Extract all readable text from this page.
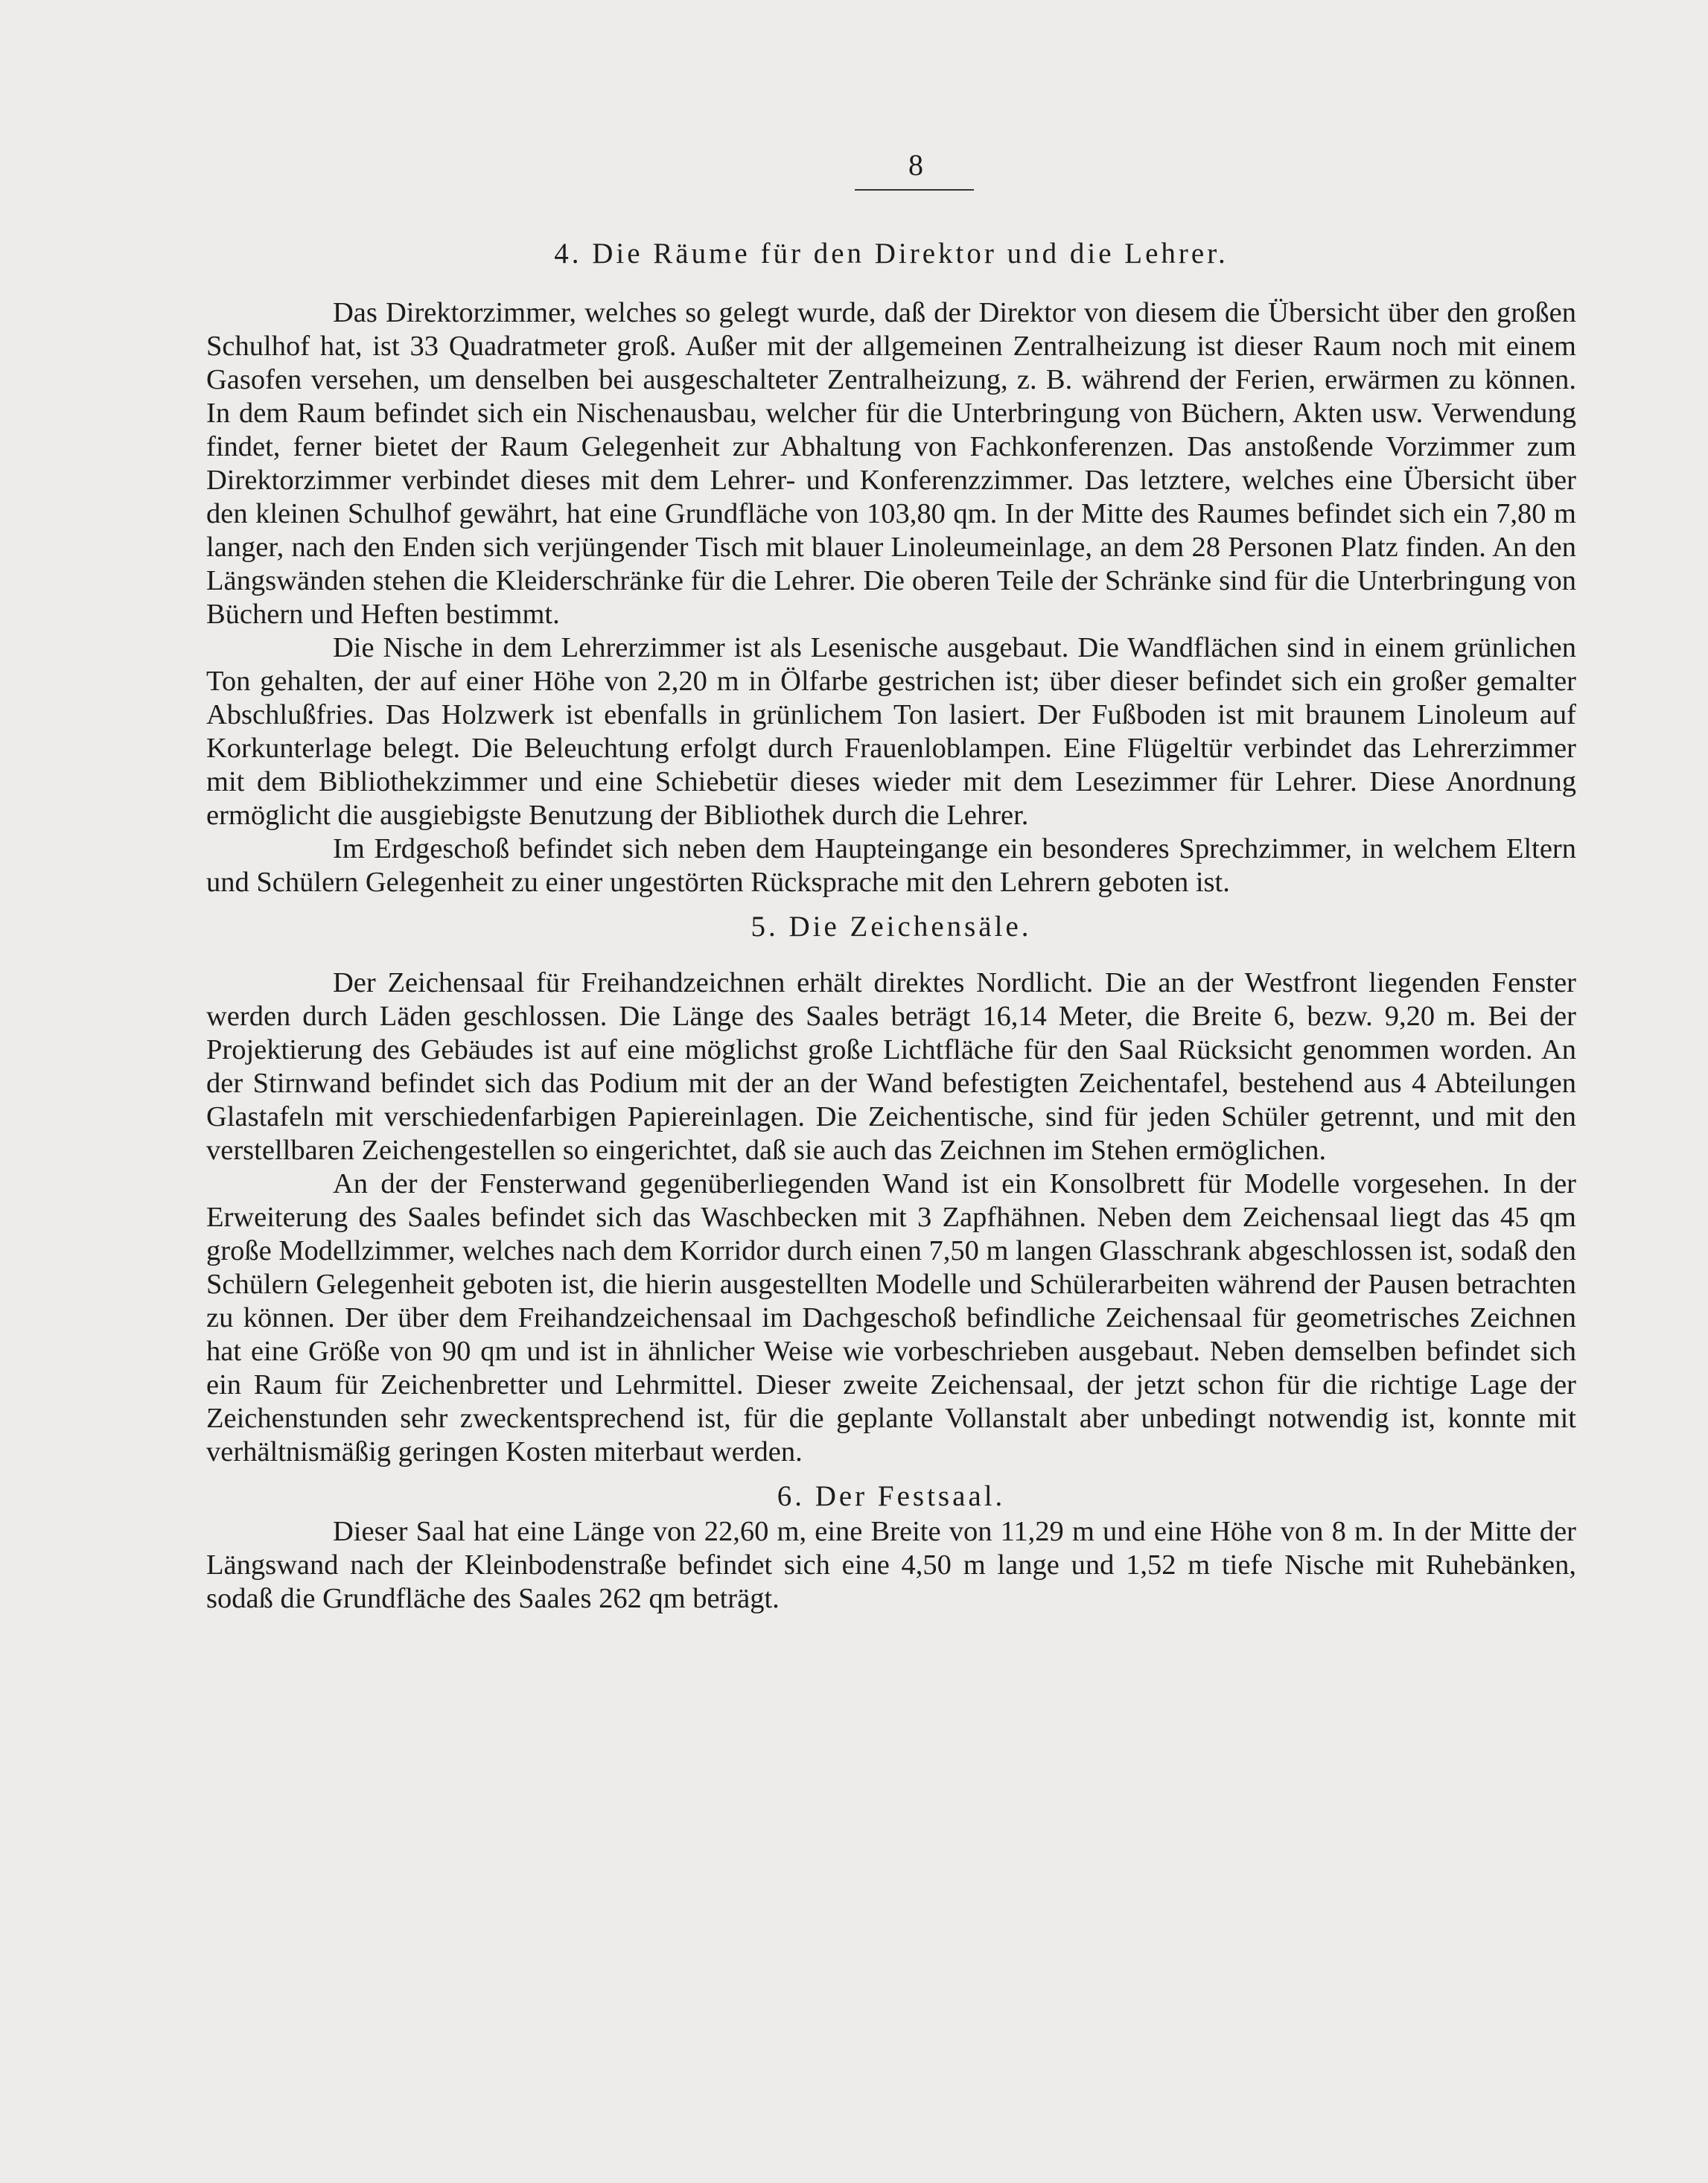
8
4. Die Räume für den Direktor und die Lehrer.

Das Direktorzimmer, welches so gelegt wurde, daß der Direktor von diesem die Übersicht über den großen Schulhof hat, ist 33 Quadratmeter groß. Außer mit der allgemeinen Zentralheizung ist dieser Raum noch mit einem Gasofen versehen, um denselben bei ausgeschalteter Zentralheizung, z. B. während der Ferien, erwärmen zu können. In dem Raum befindet sich ein Nischenausbau, welcher für die Unterbringung von Büchern, Akten usw. Verwendung findet, ferner bietet der Raum Gelegenheit zur Abhaltung von Fachkonferenzen. Das anstoßende Vorzimmer zum Direktorzimmer verbindet dieses mit dem Lehrer- und Konferenzzimmer. Das letztere, welches eine Übersicht über den kleinen Schulhof gewährt, hat eine Grundfläche von 103,80 qm. In der Mitte des Raumes befindet sich ein 7,80 m langer, nach den Enden sich verjüngender Tisch mit blauer Linoleumeinlage, an dem 28 Personen Platz finden. An den Längswänden stehen die Kleiderschränke für die Lehrer. Die oberen Teile der Schränke sind für die Unterbringung von Büchern und Heften bestimmt.

Die Nische in dem Lehrerzimmer ist als Lesenische ausgebaut. Die Wandflächen sind in einem grünlichen Ton gehalten, der auf einer Höhe von 2,20 m in Ölfarbe gestrichen ist; über dieser befindet sich ein großer gemalter Abschlußfries. Das Holzwerk ist ebenfalls in grünlichem Ton lasiert. Der Fußboden ist mit braunem Linoleum auf Korkunterlage belegt. Die Beleuchtung erfolgt durch Frauenloblampen. Eine Flügeltür verbindet das Lehrerzimmer mit dem Bibliothekzimmer und eine Schiebetür dieses wieder mit dem Lesezimmer für Lehrer. Diese Anordnung ermöglicht die ausgiebigste Benutzung der Bibliothek durch die Lehrer.

Im Erdgeschoß befindet sich neben dem Haupteingange ein besonderes Sprechzimmer, in welchem Eltern und Schülern Gelegenheit zu einer ungestörten Rücksprache mit den Lehrern geboten ist.

5. Die Zeichensäle.

Der Zeichensaal für Freihandzeichnen erhält direktes Nordlicht. Die an der Westfront liegenden Fenster werden durch Läden geschlossen. Die Länge des Saales beträgt 16,14 Meter, die Breite 6, bezw. 9,20 m. Bei der Projektierung des Gebäudes ist auf eine möglichst große Lichtfläche für den Saal Rücksicht genommen worden. An der Stirnwand befindet sich das Podium mit der an der Wand befestigten Zeichentafel, bestehend aus 4 Abteilungen Glastafeln mit verschiedenfarbigen Papiereinlagen. Die Zeichentische, sind für jeden Schüler getrennt, und mit den verstellbaren Zeichengestellen so eingerichtet, daß sie auch das Zeichnen im Stehen ermöglichen.

An der der Fensterwand gegenüberliegenden Wand ist ein Konsolbrett für Modelle vorgesehen. In der Erweiterung des Saales befindet sich das Waschbecken mit 3 Zapfhähnen. Neben dem Zeichensaal liegt das 45 qm große Modellzimmer, welches nach dem Korridor durch einen 7,50 m langen Glasschrank abgeschlossen ist, sodaß den Schülern Gelegenheit geboten ist, die hierin ausgestellten Modelle und Schülerarbeiten während der Pausen betrachten zu können. Der über dem Freihandzeichensaal im Dachgeschoß befindliche Zeichensaal für geometrisches Zeichnen hat eine Größe von 90 qm und ist in ähnlicher Weise wie vorbeschrieben ausgebaut. Neben demselben befindet sich ein Raum für Zeichenbretter und Lehrmittel. Dieser zweite Zeichensaal, der jetzt schon für die richtige Lage der Zeichenstunden sehr zweckentsprechend ist, für die geplante Vollanstalt aber unbedingt notwendig ist, konnte mit verhältnismäßig geringen Kosten miterbaut werden.

6. Der Festsaal.

Dieser Saal hat eine Länge von 22,60 m, eine Breite von 11,29 m und eine Höhe von 8 m. In der Mitte der Längswand nach der Kleinbodenstraße befindet sich eine 4,50 m lange und 1,52 m tiefe Nische mit Ruhebänken, sodaß die Grundfläche des Saales 262 qm beträgt.
